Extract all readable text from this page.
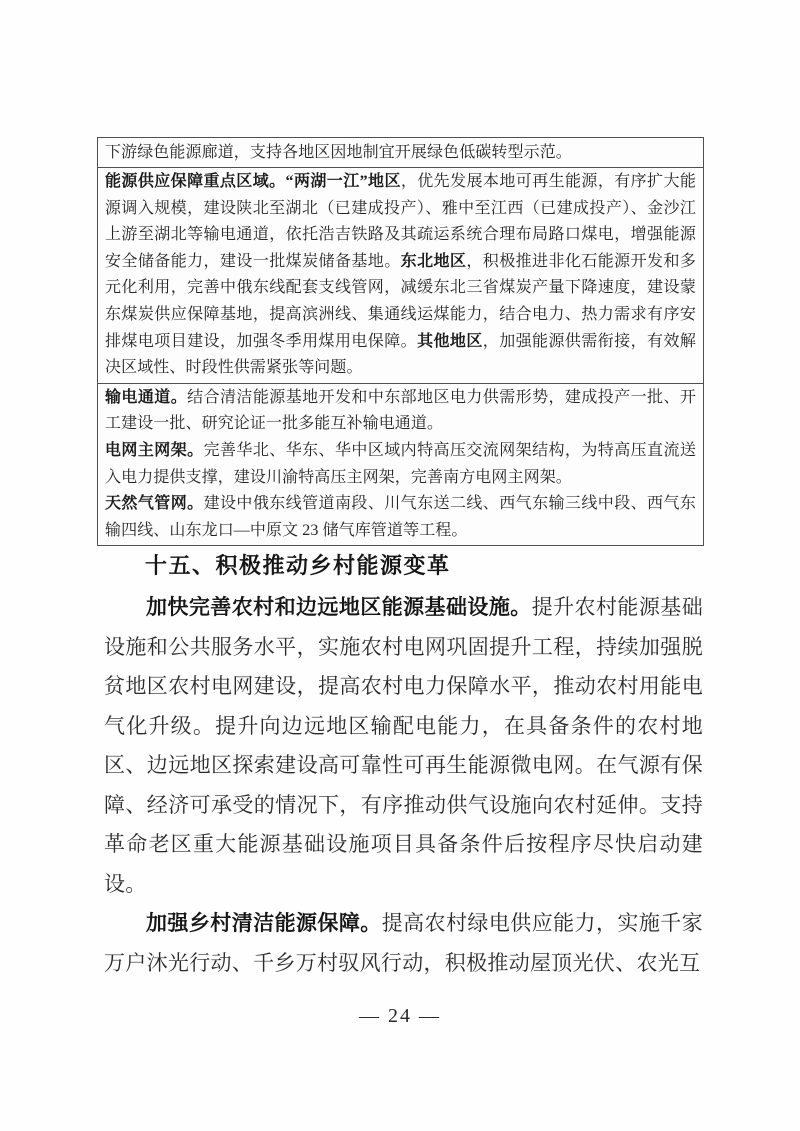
下游绿色能源廊道，支持各地区因地制宜开展绿色低碳转型示范。

能源供应保障重点区域。“两湖一江”地区，优先发展本地可再生能源，有序扩大能源调入规模，建设陕北至湖北（已建成投产）、雅中至江西（已建成投产）、金沙江上游至湖北等输电通道，依托浩吉铁路及其疏运系统合理布局路口煤电，增强能源安全储备能力，建设一批煤炭储备基地。东北地区，积极推进非化石能源开发和多元化利用，完善中俄东线配套支线管网，减缓东北三省煤炭产量下降速度，建设蒙东煤炭供应保障基地，提高滨洲线、集通线运煤能力，结合电力、热力需求有序安排煤电项目建设，加强冬季用煤用电保障。其他地区，加强能源供需衔接，有效解决区域性、时段性供需紧张等问题。

输电通道。结合清洁能源基地开发和中东部地区电力供需形势，建成投产一批、开工建设一批、研究论证一批多能互补输电通道。

电网主网架。完善华北、华东、华中区域内特高压交流网架结构，为特高压直流送入电力提供支撑，建设川渝特高压主网架，完善南方电网主网架。

天然气管网。建设中俄东线管道南段、川气东送二线、西气东输三线中段、西气东输四线、山东龙口—中原文 23 储气库管道等工程。

十五、积极推动乡村能源变革

加快完善农村和边远地区能源基础设施。提升农村能源基础设施和公共服务水平，实施农村电网巩固提升工程，持续加强脱贫地区农村电网建设，提高农村电力保障水平，推动农村用能电气化升级。提升向边远地区输配电能力，在具备条件的农村地区、边远地区探索建设高可靠性可再生能源微电网。在气源有保障、经济可承受的情况下，有序推动供气设施向农村延伸。支持革命老区重大能源基础设施项目具备条件后按程序尽快启动建设。

加强乡村清洁能源保障。提高农村绿电供应能力，实施千家万户沐光行动、千乡万村驭风行动，积极推动屋顶光伏、农光互

— 24 —
